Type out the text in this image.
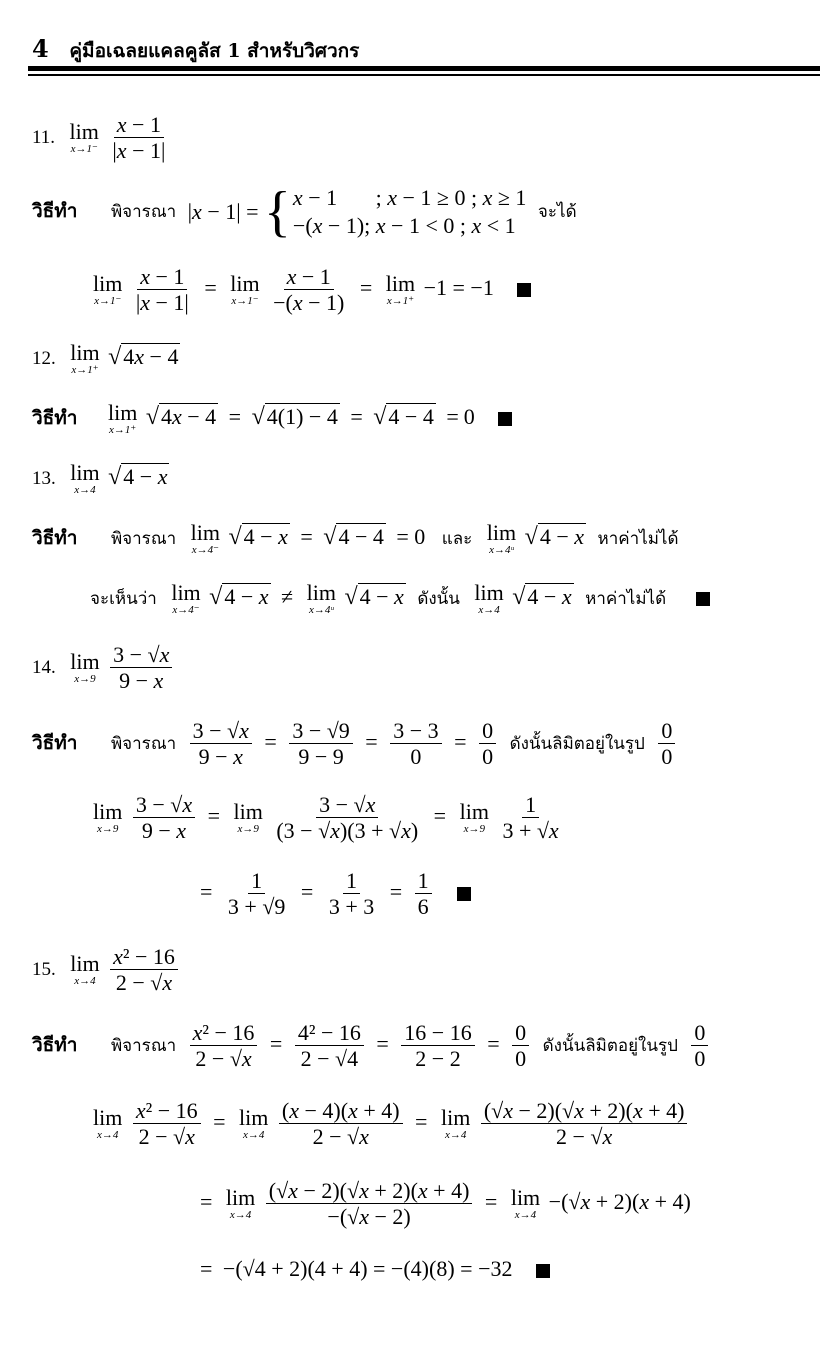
4 คู่มือเฉลยแคลคูลัส 1 สำหรับวิศวกร
11. lim
x→1⁻
$\frac{x - 1}{|x - 1|}$
วิธีทำ พิจารณา |x − 1| = { x − 1       ; x − 1 ≥ 0 ; x ≥ 1
−(x − 1); x − 1 < 0 ; x < 1
จะได้
lim
x→1⁻
$\frac{x - 1}{|x - 1|} = \lim$
x→1⁻
$\frac{x - 1}{-(x - 1)} = \lim$
x→1⁺
−1 = −1
12. lim
x→1⁺ √4x − 4
วิธีทำ lim
x→1⁺ √4x − 4 = √4(1) − 4 = √4 − 4 = 0
13. lim
x→4 √4 − x
วิธีทำ พิจารณา lim
x→4⁻ √4 − x = √4 − 4 = 0 และ lim
x→4ᵘ √4 − x หาค่าไม่ได้
จะเห็นว่า lim
x→4⁻ √4 − x ≠ lim
x→4ᵘ √4 − x ดังนั้น lim
x→4 √4 − x หาค่าไม่ได้
14. lim
x→9
$\frac{3 - √x}{9 - x}$
วิธีทำ พิจารณา $\frac{3 - √x}{9 - x} = \frac{3 - √9}{9 - 9} = \frac{3 - 3}{0} = \frac{0}{0}$ ดังนั้นลิมิตอยู่ในรูป $\frac{0}{0}$
lim
x→9
$\frac{3 - √x}{9 - x} = \lim$
x→9
$\frac{3 - √x}{(3 - √x)(3 + √x)} = \lim$
x→9
$\frac{1}{3 + √x}$
= $\frac{1}{3 + √9} = \frac{1}{3 + 3} = \frac{1}{6}$

15. lim
x→4
$\frac{\text{x² − 16}}{2 - √x}$
วิธีทำ พิจารณา $\frac{\text{x² − 16}}{2 - √x} = \frac{\text{4² − 16}}{2 - √4} = \frac{16 - 16}{2 - 2} = \frac{0}{0}$ ดังนั้นลิมิตอยู่ในรูป $\frac{0}{0}$
lim
x→4
$\frac{\text{x² − 16}}{2 - √x} = \lim$
x→4
$\frac{(x - 4)(x + 4)}{2 - √x} = \lim$
x→4
$\frac{(√x - 2)(√x + 2)(x + 4)}{2 - √x}$
= lim
x→4
$\frac{(√x - 2)(√x + 2)(x + 4)}{-(√x - 2)} = \lim$
x→4
−(√x + 2)(x + 4)
= −(√4 + 2)(4 + 4) = −(4)(8) = −32
